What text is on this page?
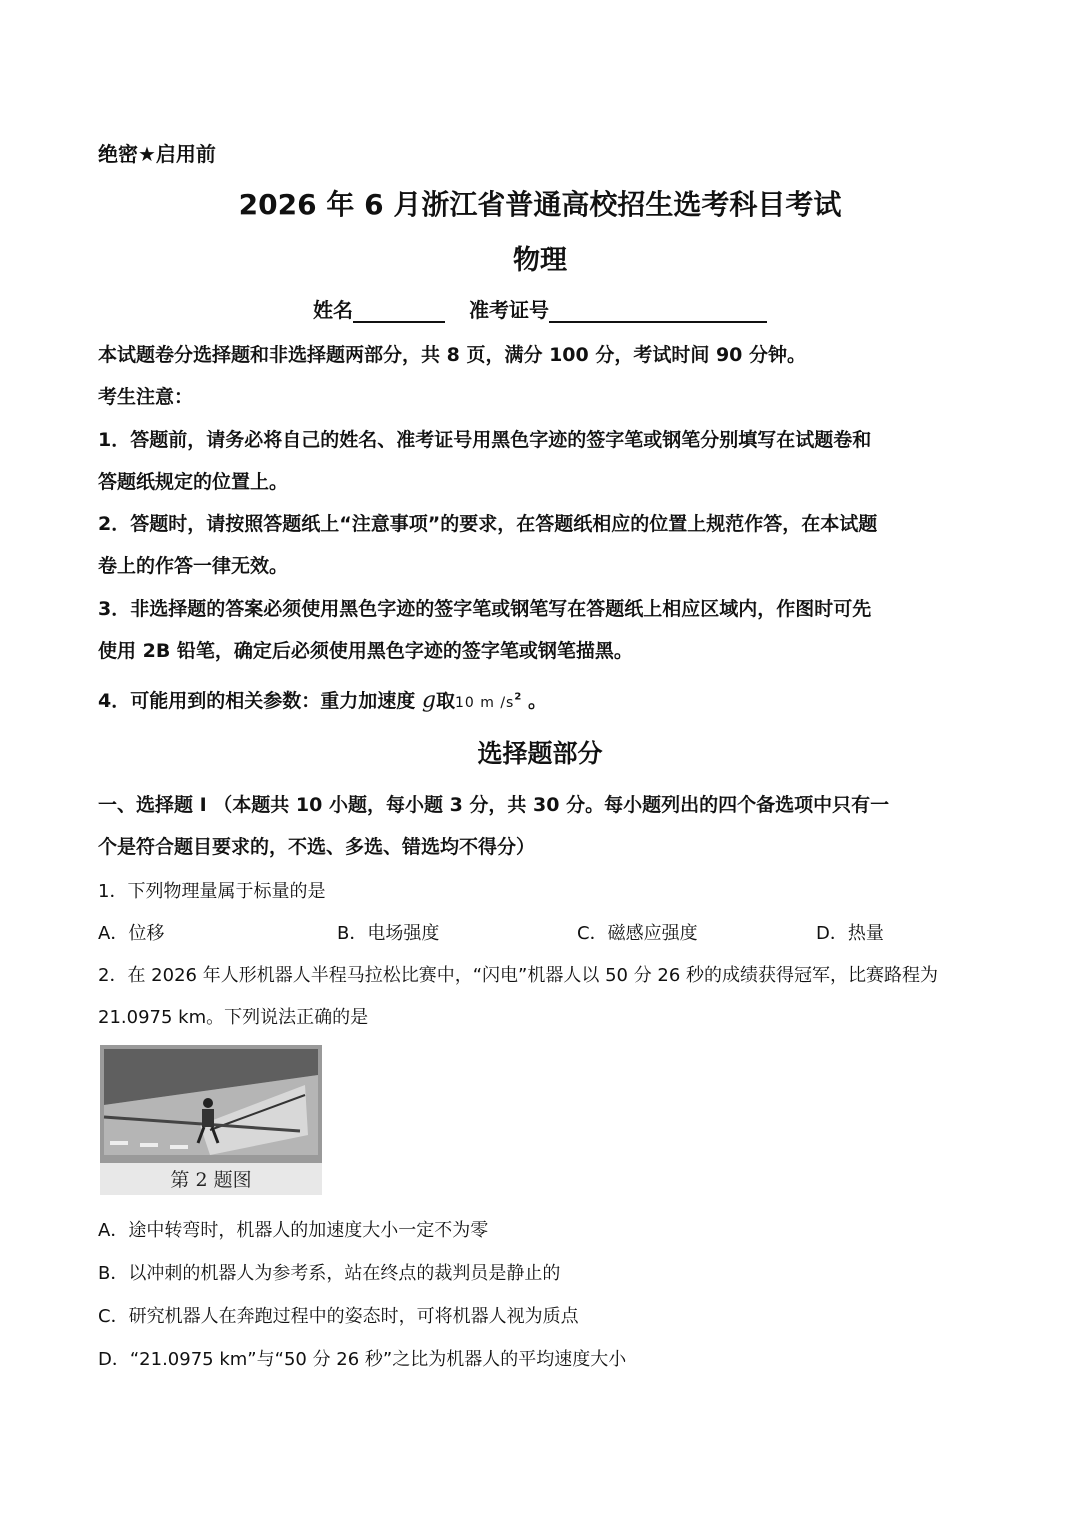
绝密★启用前
2026 年 6 月浙江省普通高校招生选考科目考试
物理
姓名	准考证号
本试题卷分选择题和非选择题两部分，共 8 页，满分 100 分，考试时间 90 分钟。
考生注意：
1．答题前，请务必将自己的姓名、准考证号用黑色字迹的签字笔或钢笔分别填写在试题卷和
答题纸规定的位置上。
2．答题时，请按照答题纸上“注意事项”的要求，在答题纸相应的位置上规范作答，在本试题
卷上的作答一律无效。
3．非选择题的答案必须使用黑色字迹的签字笔或钢笔写在答题纸上相应区域内，作图时可先
使用 2B 铅笔，确定后必须使用黑色字迹的签字笔或钢笔描黑。
4．可能用到的相关参数：重力加速度 g取10 m $/s^2$ 。
选择题部分
一、选择题 I （本题共 10 小题，每小题 3 分，共 30 分。每小题列出的四个备选项中只有一
个是符合题目要求的，不选、多选、错选均不得分）
1．下列物理量属于标量的是
A．位移	B．电场强度	C．磁感应强度	D．热量
2．在 2026 年人形机器人半程马拉松比赛中，“闪电”机器人以 50 分 26 秒的成绩获得冠军，比赛路程为
21.0975 km。下列说法正确的是
第 2 题图
A．途中转弯时，机器人的加速度大小一定不为零
B．以冲刺的机器人为参考系，站在终点的裁判员是静止的
C．研究机器人在奔跑过程中的姿态时，可将机器人视为质点
D．“21.0975 km”与“50 分 26 秒”之比为机器人的平均速度大小
